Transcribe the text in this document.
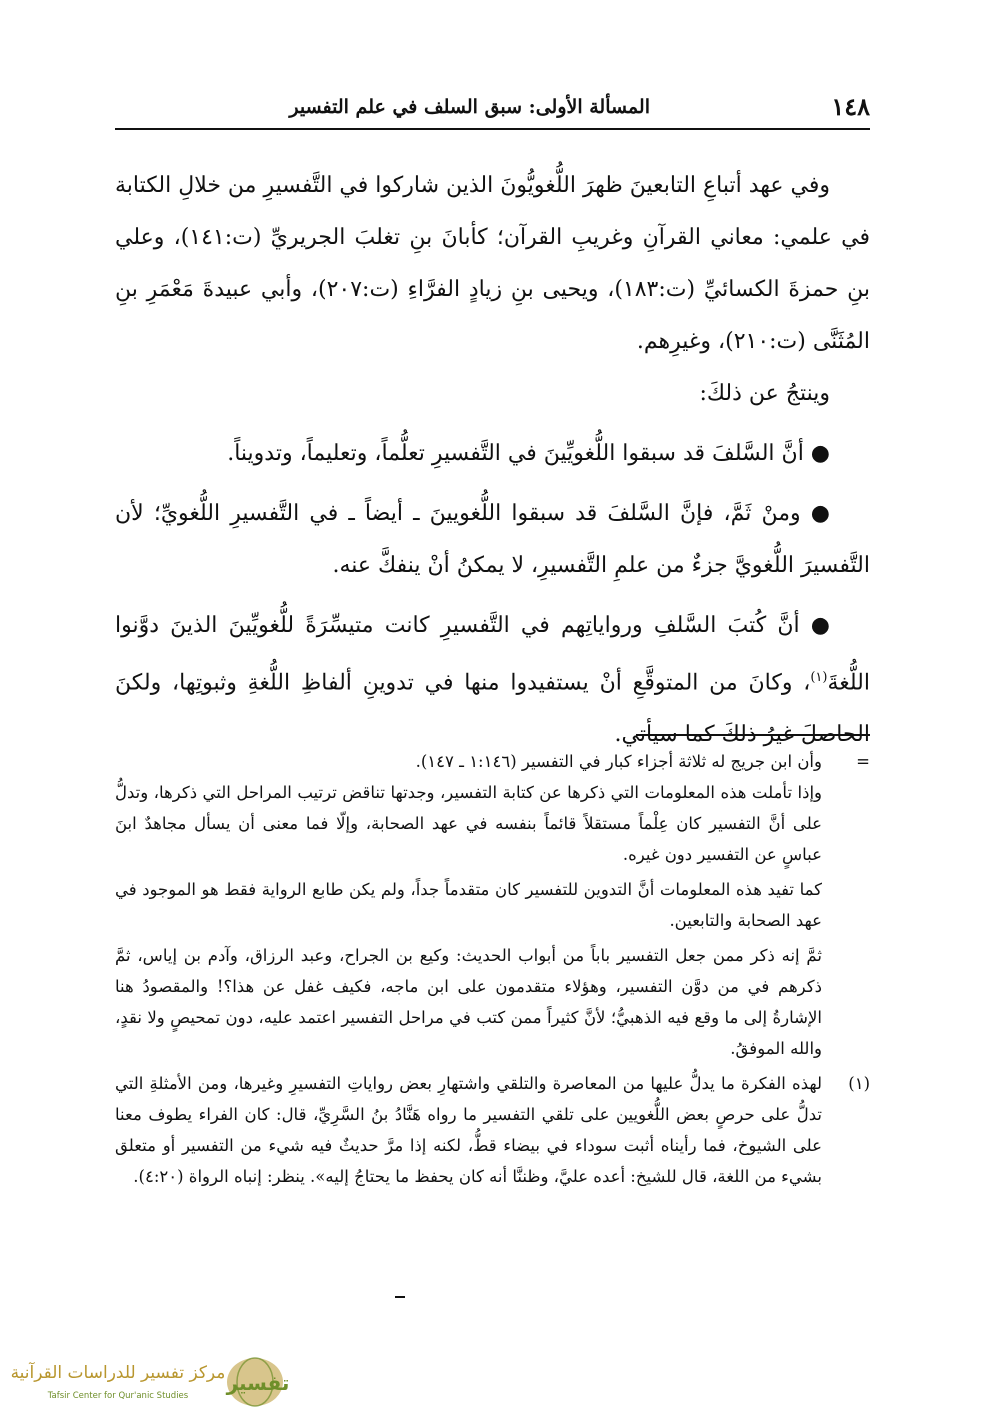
١٤٨
المسألة الأولى: سبق السلف في علم التفسير

وفي عهد أتباعِ التابعينَ ظهرَ اللُّغويُّونَ الذين شاركوا في التَّفسيرِ من خلالِ الكتابة في علمي: معاني القرآنِ وغريبِ القرآن؛ كأبانَ بنِ تغلبَ الجريريِّ (ت:١٤١)، وعلي بنِ حمزةَ الكسائيِّ (ت:١٨٣)، ويحيى بنِ زيادٍ الفرَّاءِ (ت:٢٠٧)، وأبي عبيدةَ مَعْمَرِ بنِ المُثَنَّى (ت:٢١٠)، وغيرِهم.

وينتجُ عن ذلكَ:

● أنَّ السَّلفَ قد سبقوا اللُّغويِّينَ في التَّفسيرِ تعلُّماً، وتعليماً، وتدويناً.

● ومنْ ثَمَّ، فإنَّ السَّلفَ قد سبقوا اللُّغويينَ ـ أيضاً ـ في التَّفسيرِ اللُّغويِّ؛ لأن التَّفسيرَ اللُّغويَّ جزءٌ من علمِ التَّفسيرِ، لا يمكنُ أنْ ينفكَّ عنه.

● أنَّ كُتبَ السَّلفِ ورواياتِهم في التَّفسيرِ كانت متيسِّرَةً للُّغويِّينَ الذينَ دوَّنوا اللُّغةَ$^{(١)}$، وكانَ من المتوقَّعِ أنْ يستفيدوا منها في تدوينِ ألفاظِ اللُّغةِ وثبوتِها، ولكنَ الحاصلَ غيرُ ذلكَ كما سيأتي.

=

وأن ابن جريج له ثلاثة أجزاء كبار في التفسير (١:١٤٦ ـ ١٤٧).

وإذا تأملت هذه المعلومات التي ذكرها عن كتابة التفسير، وجدتها تناقض ترتيب المراحل التي ذكرها، وتدلُّ على أنَّ التفسير كان عِلْماً مستقلاً قائماً بنفسه في عهد الصحابة، وإلّا فما معنى أن يسأل مجاهدٌ ابنَ عباسٍ عن التفسير دون غيره.

كما تفيد هذه المعلومات أنَّ التدوين للتفسير كان متقدماً جداً، ولم يكن طابع الرواية فقط هو الموجود في عهد الصحابة والتابعين.

ثمَّ إنه ذكر ممن جعل التفسير باباً من أبواب الحديث: وكيع بن الجراح، وعبد الرزاق، وآدم بن إياس، ثمَّ ذكرهم في من دوَّن التفسير، وهؤلاء متقدمون على ابن ماجه، فكيف غفل عن هذا؟! والمقصودُ هنا الإشارةُ إلى ما وقع فيه الذهبيُّ؛ لأنَّ كثيراً ممن كتب في مراحل التفسير اعتمد عليه، دون تمحيصٍ ولا نقدٍ، والله الموفقُ.

(١)

لهذه الفكرة ما يدلُّ عليها من المعاصرة والتلقي واشتهارِ بعض رواياتِ التفسيرِ وغيرها، ومن الأمثلةِ التي تدلُّ على حرصٍ بعض اللُّغويين على تلقي التفسير ما رواه هَنَّادُ بنُ السَّرِيِّ، قال: كان الفراء يطوف معنا على الشيوخ، فما رأيناه أثبت سوداء في بيضاء قطُّ، لكنه إذا مرَّ حديثٌ فيه شيء من التفسير أو متعلق بشيء من اللغة، قال للشيخ: أعده عليَّ، وظننَّا أنه كان يحفظ ما يحتاجُ إليه». ينظر: إنباه الرواة (٤:٢٠).

تفسير
مركز تفسير للدراسات القرآنية
Tafsir Center for Qur'anic Studies
